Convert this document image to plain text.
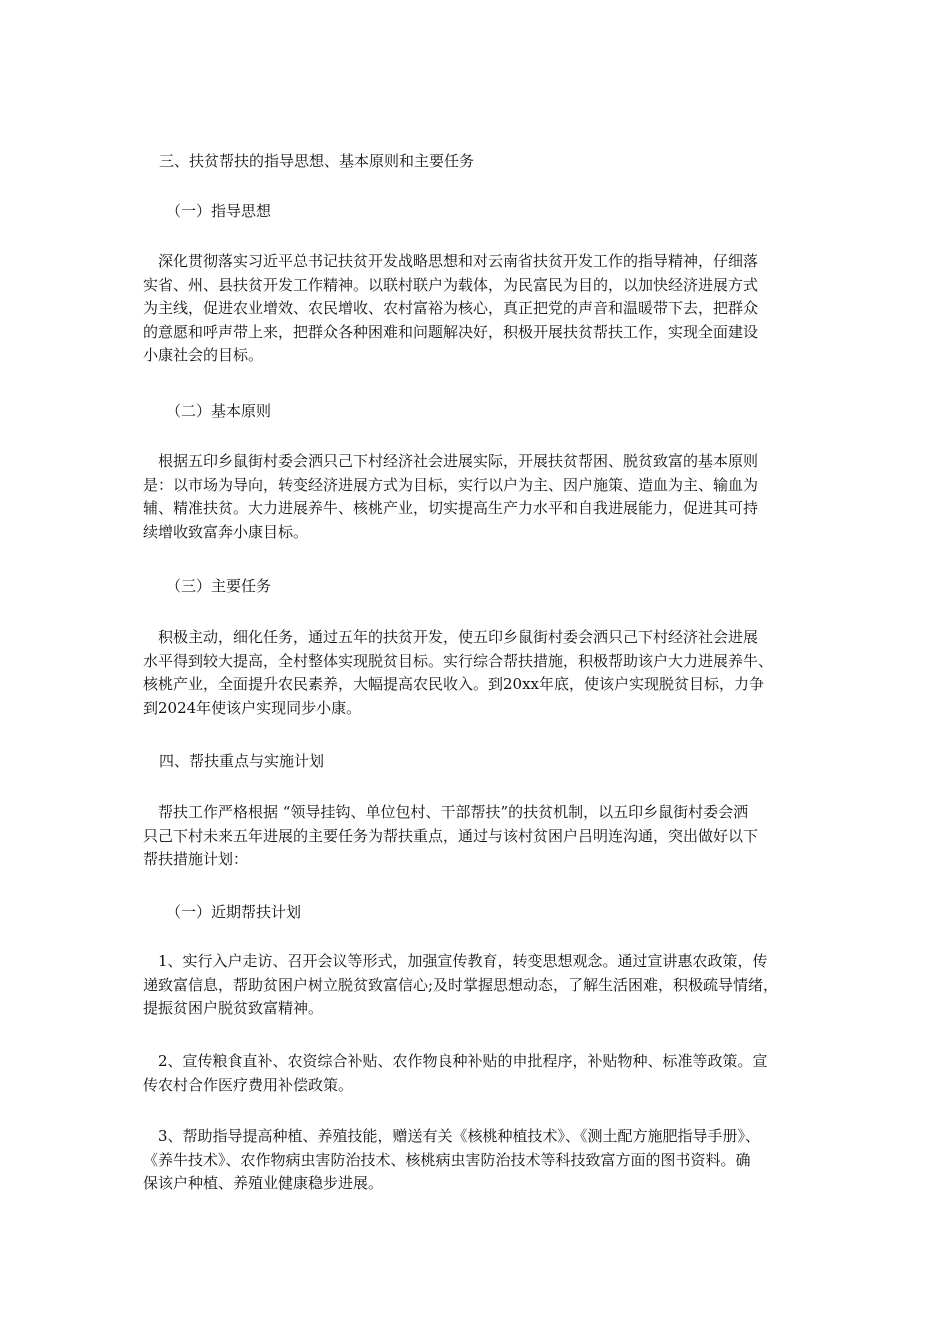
三、扶贫帮扶的指导思想、基本原则和主要任务
（一）指导思想
　深化贯彻落实习近平总书记扶贫开发战略思想和对云南省扶贫开发工作的指导精神，仔细落
实省、州、县扶贫开发工作精神。以联村联户为载体，为民富民为目的，以加快经济进展方式
为主线，促进农业增效、农民增收、农村富裕为核心，真正把党的声音和温暖带下去，把群众
的意愿和呼声带上来，把群众各种困难和问题解决好，积极开展扶贫帮扶工作，实现全面建设
小康社会的目标。
（二）基本原则
　根据五印乡鼠街村委会洒只己下村经济社会进展实际，开展扶贫帮困、脱贫致富的基本原则
是：以市场为导向，转变经济进展方式为目标，实行以户为主、因户施策、造血为主、输血为
辅、精准扶贫。大力进展养牛、核桃产业，切实提高生产力水平和自我进展能力，促进其可持
续增收致富奔小康目标。
（三）主要任务
　积极主动，细化任务，通过五年的扶贫开发，使五印乡鼠街村委会洒只己下村经济社会进展
水平得到较大提高，全村整体实现脱贫目标。实行综合帮扶措施，积极帮助该户大力进展养牛、
核桃产业，全面提升农民素养，大幅提高农民收入。到20xx年底，使该户实现脱贫目标，力争
到2024年使该户实现同步小康。
四、帮扶重点与实施计划
　帮扶工作严格根据 “领导挂钩、单位包村、干部帮扶”的扶贫机制，以五印乡鼠街村委会洒
只己下村未来五年进展的主要任务为帮扶重点，通过与该村贫困户吕明连沟通，突出做好以下
帮扶措施计划：
（一）近期帮扶计划
　1、实行入户走访、召开会议等形式，加强宣传教育，转变思想观念。通过宣讲惠农政策，传
递致富信息，帮助贫困户树立脱贫致富信心;及时掌握思想动态，了解生活困难，积极疏导情绪，
提振贫困户脱贫致富精神。
　2、宣传粮食直补、农资综合补贴、农作物良种补贴的申批程序，补贴物种、标准等政策。宣
传农村合作医疗费用补偿政策。
　3、帮助指导提高种植、养殖技能，赠送有关《核桃种植技术》、《测土配方施肥指导手册》、
《养牛技术》、农作物病虫害防治技术、核桃病虫害防治技术等科技致富方面的图书资料。确
保该户种植、养殖业健康稳步进展。
